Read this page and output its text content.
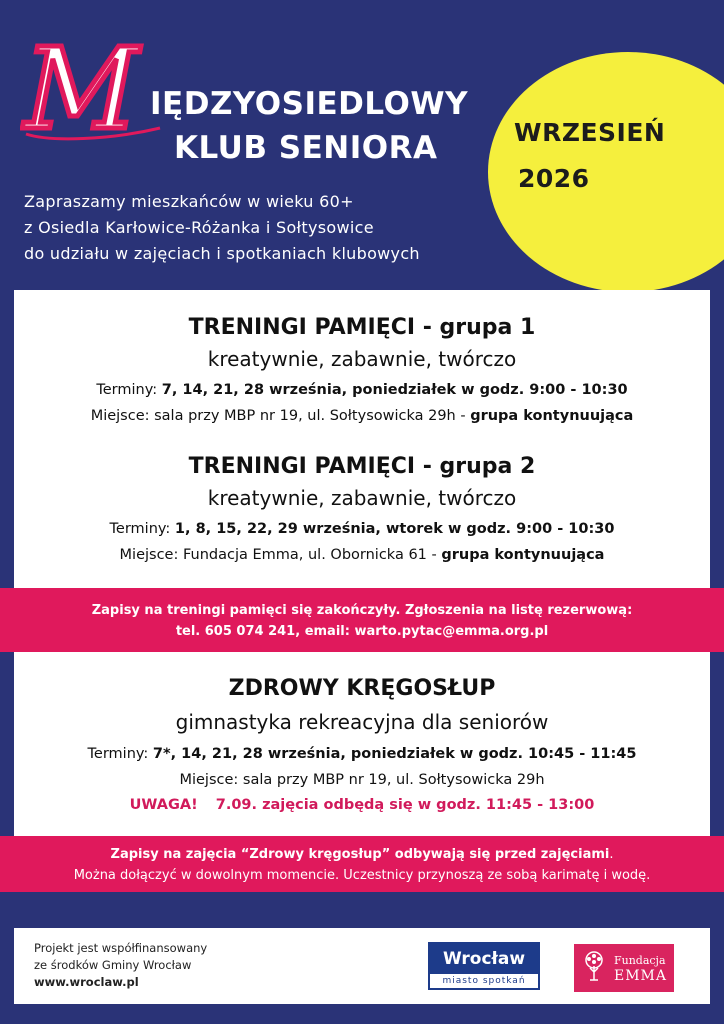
M IĘDZYOSIEDLOWY
KLUB SENIORA	WRZESIEŃ
2026
Zapraszamy mieszkańców w wieku 60+
z Osiedla Karłowice-Różanka i Sołtysowice
do udziału w zajęciach i spotkaniach klubowych
TRENINGI PAMIĘCI - grupa 1
kreatywnie, zabawnie, twórczo
Terminy: 7, 14, 21, 28 września, poniedziałek w godz. 9:00 - 10:30
Miejsce: sala przy MBP nr 19, ul. Sołtysowicka 29h - grupa kontynuująca
TRENINGI PAMIĘCI - grupa 2
kreatywnie, zabawnie, twórczo
Terminy: 1, 8, 15, 22, 29 września, wtorek w godz. 9:00 - 10:30
Miejsce: Fundacja Emma, ul. Obornicka 61 - grupa kontynuująca
Zapisy na treningi pamięci się zakończyły. Zgłoszenia na listę rezerwową:
tel. 605 074 241, email: warto.pytac@emma.org.pl
ZDROWY KRĘGOSŁUP
gimnastyka rekreacyjna dla seniorów
Terminy: 7*, 14, 21, 28 września, poniedziałek w godz. 10:45 - 11:45
Miejsce: sala przy MBP nr 19, ul. Sołtysowicka 29h
UWAGA! 7.09. zajęcia odbędą się w godz. 11:45 - 13:00
Zapisy na zajęcia “Zdrowy kręgosłup” odbywają się przed zajęciami.
Można dołączyć w dowolnym momencie. Uczestnicy przynoszą ze sobą karimatę i wodę.
Projekt jest współfinansowany
ze środków Gminy Wrocław
www.wroclaw.pl
Wrocław
miasto spotkań
Fundacja
EMMA
